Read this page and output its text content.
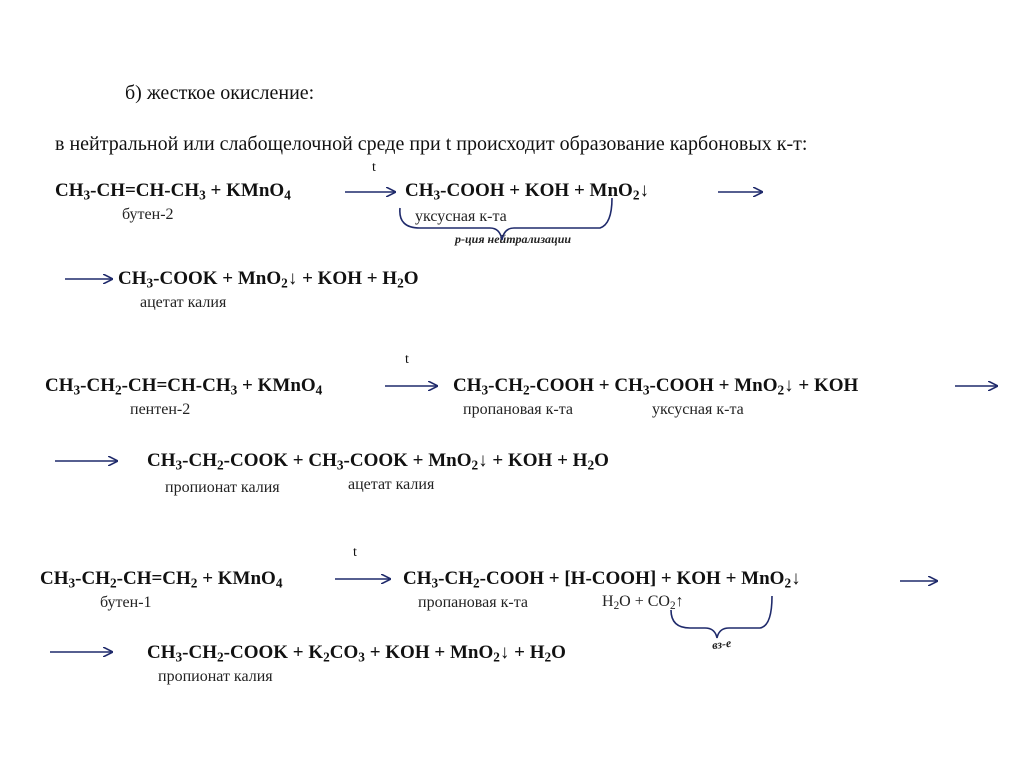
б) жесткое окисление:
в нейтральной или слабощелочной среде при t происходит образование карбоновых к-т:
t
$CH_3-CH=CH-CH_3$ + KMnO$_4$	$CH_3$-COOH + KOH + MnO$_2$↓
бутен-2	уксусная к-та
р-ция нейтрализации
$CH_3$-COOK + MnO$_2$↓ + KOH + $H_2O$
ацетат калия
t
$CH_3-CH_2-CH=CH-CH_3$ + KMnO$_4$	$CH_3-CH_2$-COOH + $CH_3$-COOH + MnO$_2$↓ + KOH
пентен-2	пропановая к-та	уксусная к-та
$CH_3-CH_2$-COOK + $CH_3$-COOK + MnO$_2$↓ + KOH + $H_2O$
пропионат калия	ацетат калия
t
$CH_3-CH_2-CH=CH_2$ + KMnO$_4$	$CH_3-CH_2$-COOH + [H-COOH] + KOH + MnO$_2$↓
бутен-1	пропановая к-та	$H_2O$ + $CO_2↑$
вз-е
$CH_3-CH_2$-COOK + $K_2CO_3$ + KOH + MnO$_2$↓ + $H_2O$
пропионат калия
